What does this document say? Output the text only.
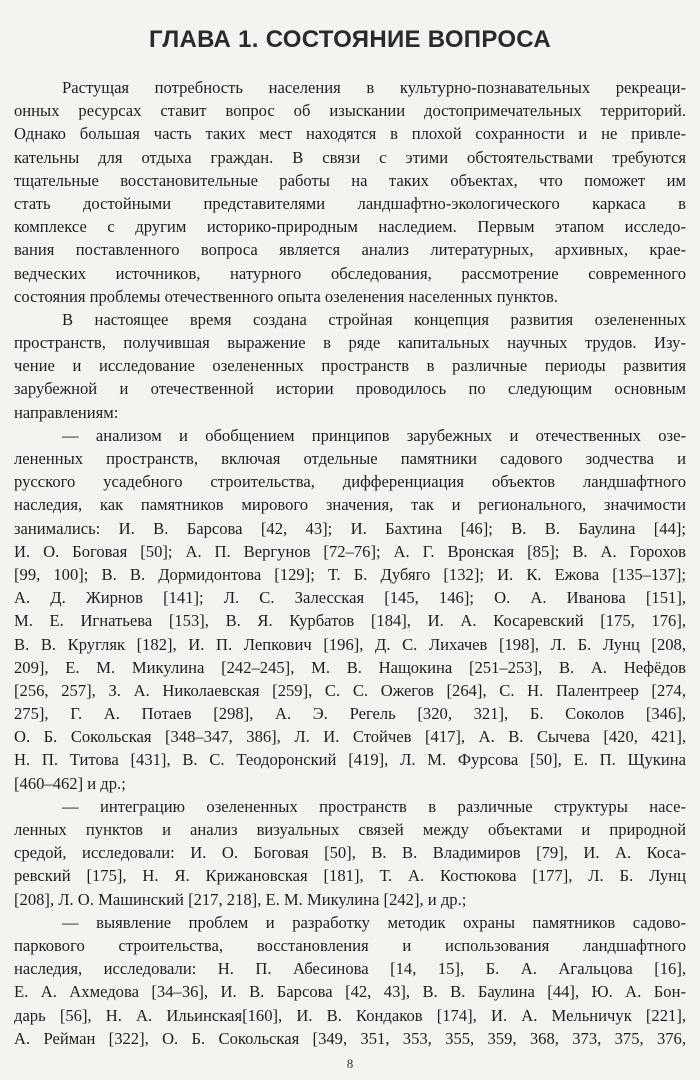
ГЛАВА 1. СОСТОЯНИЕ ВОПРОСА
Растущая потребность населения в культурно-познавательных рекреаци-
онных ресурсах ставит вопрос об изыскании достопримечательных территорий.
Однако большая часть таких мест находятся в плохой сохранности и не привле-
кательны для отдыха граждан. В связи с этими обстоятельствами требуются
тщательные восстановительные работы на таких объектах, что поможет им
стать достойными представителями ландшафтно-экологического каркаса в
комплексе с другим историко-природным наследием. Первым этапом исследо-
вания поставленного вопроса является анализ литературных, архивных, крае-
ведческих источников, натурного обследования, рассмотрение современного
состояния проблемы отечественного опыта озеленения населенных пунктов.
В настоящее время создана стройная концепция развития озелененных
пространств, получившая выражение в ряде капитальных научных трудов. Изу-
чение и исследование озелененных пространств в различные периоды развития
зарубежной и отечественной истории проводилось по следующим основным
направлениям:
— анализом и обобщением принципов зарубежных и отечественных озе-
лененных пространств, включая отдельные памятники садового зодчества и
русского усадебного строительства, дифференциация объектов ландшафтного
наследия, как памятников мирового значения, так и регионального, значимости
занимались: И. В. Барсова [42, 43]; И. Бахтина [46]; В. В. Баулина [44];
И. О. Боговая [50]; А. П. Вергунов [72–76]; А. Г. Вронская [85]; В. А. Горохов
[99, 100]; В. В. Дормидонтова [129]; Т. Б. Дубяго [132]; И. К. Ежова [135–137];
А. Д. Жирнов [141]; Л. С. Залесская [145, 146]; О. А. Иванова [151],
М. Е. Игнатьева [153], В. Я. Курбатов [184], И. А. Косаревский [175, 176],
В. В. Кругляк [182], И. П. Лепкович [196], Д. С. Лихачев [198], Л. Б. Лунц [208,
209], Е. М. Микулина [242–245], М. В. Нащокина [251–253], В. А. Нефёдов
[256, 257], З. А. Николаевская [259], С. С. Ожегов [264], С. Н. Палентреер [274,
275], Г. А. Потаев [298], А. Э. Регель [320, 321], Б. Соколов [346],
О. Б. Сокольская [348–347, 386], Л. И. Стойчев [417], А. В. Сычева [420, 421],
Н. П. Титова [431], В. С. Теодоронский [419], Л. М. Фурсова [50], Е. П. Щукина
[460–462] и др.;
— интеграцию озелененных пространств в различные структуры насе-
ленных пунктов и анализ визуальных связей между объектами и природной
средой, исследовали: И. О. Боговая [50], В. В. Владимиров [79], И. А. Коса-
ревский [175], Н. Я. Крижановская [181], Т. А. Костюкова [177], Л. Б. Лунц
[208], Л. О. Машинский [217, 218], Е. М. Микулина [242], и др.;
— выявление проблем и разработку методик охраны памятников садово-
паркового строительства, восстановления и использования ландшафтного
наследия, исследовали: Н. П. Абесинова [14, 15], Б. А. Агальцова [16],
Е. А. Ахмедова [34–36], И. В. Барсова [42, 43], В. В. Баулина [44], Ю. А. Бон-
дарь [56], Н. А. Ильинская[160], И. В. Кондаков [174], И. А. Мельничук [221],
А. Рейман [322], О. Б. Сокольская [349, 351, 353, 355, 359, 368, 373, 375, 376,
8
